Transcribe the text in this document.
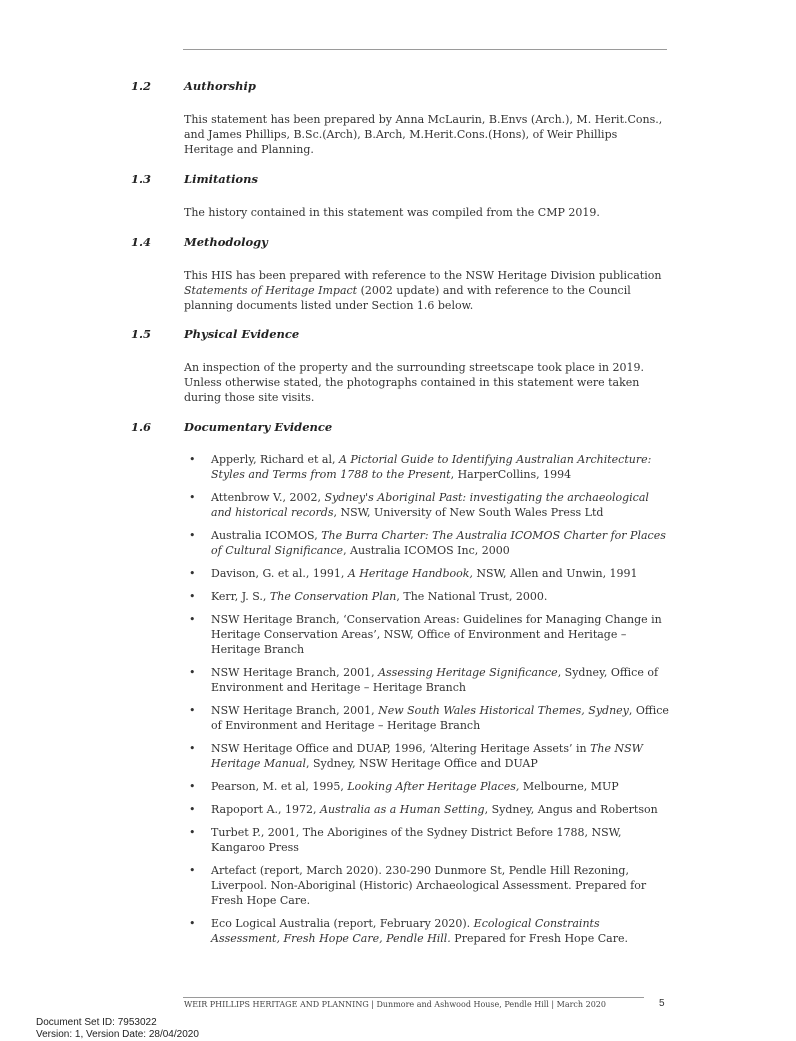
1.2	Authorship
This statement has been prepared by Anna McLaurin, B.Envs (Arch.), M. Herit.Cons., and James Phillips, B.Sc.(Arch), B.Arch, M.Herit.Cons.(Hons), of Weir Phillips Heritage and Planning.
1.3	Limitations
The history contained in this statement was compiled from the CMP 2019.
1.4	Methodology
This HIS has been prepared with reference to the NSW Heritage Division publication Statements of Heritage Impact (2002 update) and with reference to the Council planning documents listed under Section 1.6 below.
1.5	Physical Evidence
An inspection of the property and the surrounding streetscape took place in 2019. Unless otherwise stated, the photographs contained in this statement were taken during those site visits.
1.6	Documentary Evidence
• Apperly, Richard et al, A Pictorial Guide to Identifying Australian Architecture: Styles and Terms from 1788 to the Present, HarperCollins, 1994
• Attenbrow V., 2002, Sydney's Aboriginal Past: investigating the archaeological and historical records, NSW, University of New South Wales Press Ltd
• Australia ICOMOS, The Burra Charter: The Australia ICOMOS Charter for Places of Cultural Significance, Australia ICOMOS Inc, 2000
• Davison, G. et al., 1991, A Heritage Handbook, NSW, Allen and Unwin, 1991
• Kerr, J. S., The Conservation Plan, The National Trust, 2000.
• NSW Heritage Branch, ‘Conservation Areas: Guidelines for Managing Change in Heritage Conservation Areas’, NSW, Office of Environment and Heritage – Heritage Branch
• NSW Heritage Branch, 2001, Assessing Heritage Significance, Sydney, Office of Environment and Heritage – Heritage Branch
• NSW Heritage Branch, 2001, New South Wales Historical Themes, Sydney, Office of Environment and Heritage – Heritage Branch
• NSW Heritage Office and DUAP, 1996, ‘Altering Heritage Assets’ in The NSW Heritage Manual, Sydney, NSW Heritage Office and DUAP
• Pearson, M. et al, 1995, Looking After Heritage Places, Melbourne, MUP
• Rapoport A., 1972, Australia as a Human Setting, Sydney, Angus and Robertson
• Turbet P., 2001, The Aborigines of the Sydney District Before 1788, NSW, Kangaroo Press
• Artefact (report, March 2020). 230-290 Dunmore St, Pendle Hill Rezoning, Liverpool. Non-Aboriginal (Historic) Archaeological Assessment. Prepared for Fresh Hope Care.
• Eco Logical Australia (report, February 2020). Ecological Constraints Assessment, Fresh Hope Care, Pendle Hill. Prepared for Fresh Hope Care.
WEIR PHILLIPS HERITAGE AND PLANNING | Dunmore and Ashwood House, Pendle Hill | March 2020	5
Document Set ID: 7953022
Version: 1, Version Date: 28/04/2020
